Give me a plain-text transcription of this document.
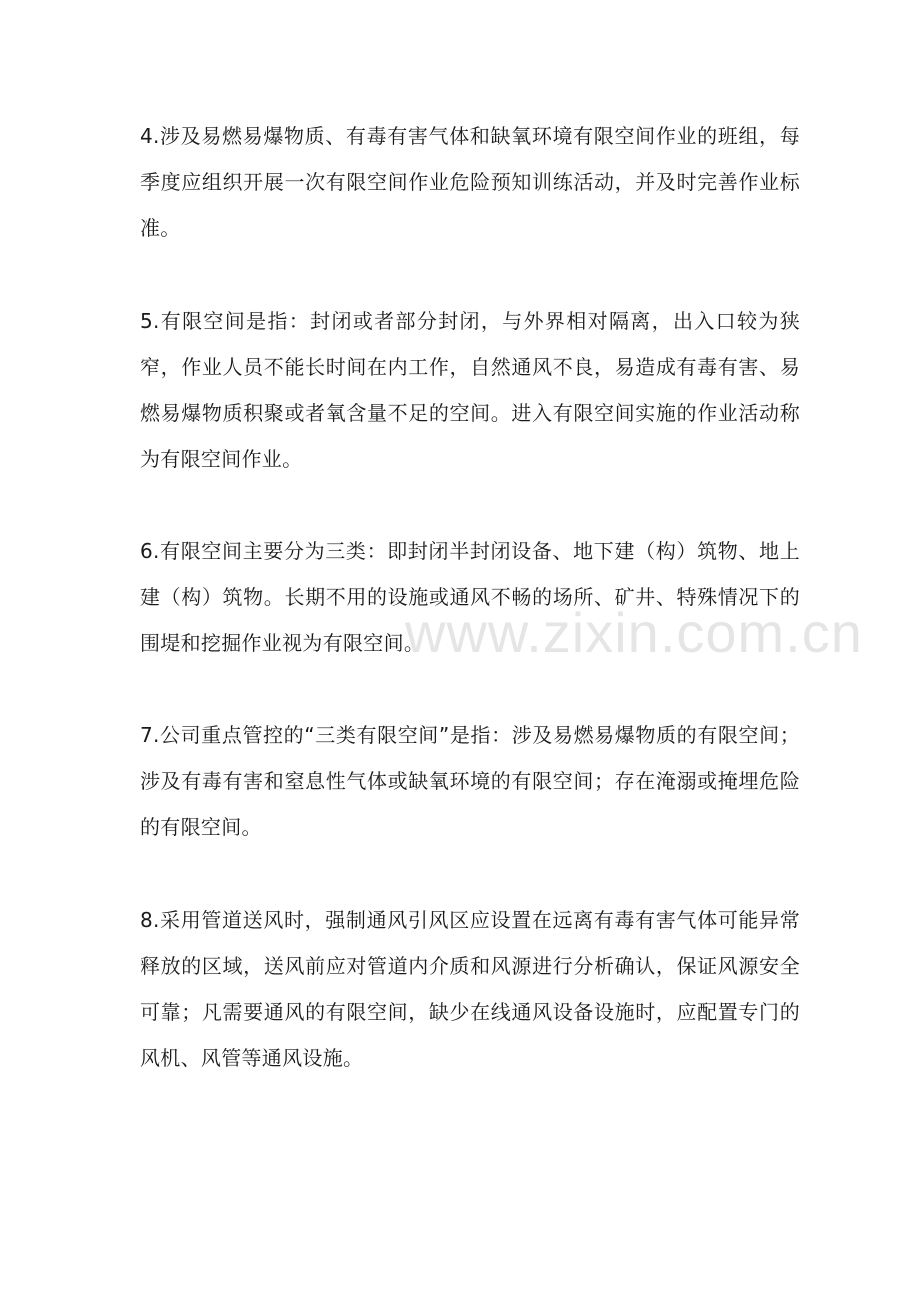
4.涉及易燃易爆物质、有毒有害气体和缺氧环境有限空间作业的班组，每季度应组织开展一次有限空间作业危险预知训练活动，并及时完善作业标准。

5.有限空间是指：封闭或者部分封闭，与外界相对隔离，出入口较为狭窄，作业人员不能长时间在内工作，自然通风不良，易造成有毒有害、易燃易爆物质积聚或者氧含量不足的空间。进入有限空间实施的作业活动称为有限空间作业。

6.有限空间主要分为三类：即封闭半封闭设备、地下建（构）筑物、地上建（构）筑物。长期不用的设施或通风不畅的场所、矿井、特殊情况下的围堤和挖掘作业视为有限空间。

7.公司重点管控的“三类有限空间”是指：涉及易燃易爆物质的有限空间；涉及有毒有害和窒息性气体或缺氧环境的有限空间；存在淹溺或掩埋危险的有限空间。

8.采用管道送风时，强制通风引风区应设置在远离有毒有害气体可能异常释放的区域，送风前应对管道内介质和风源进行分析确认，保证风源安全可靠；凡需要通风的有限空间，缺少在线通风设备设施时，应配置专门的风机、风管等通风设施。

www.zixin.com.cn
